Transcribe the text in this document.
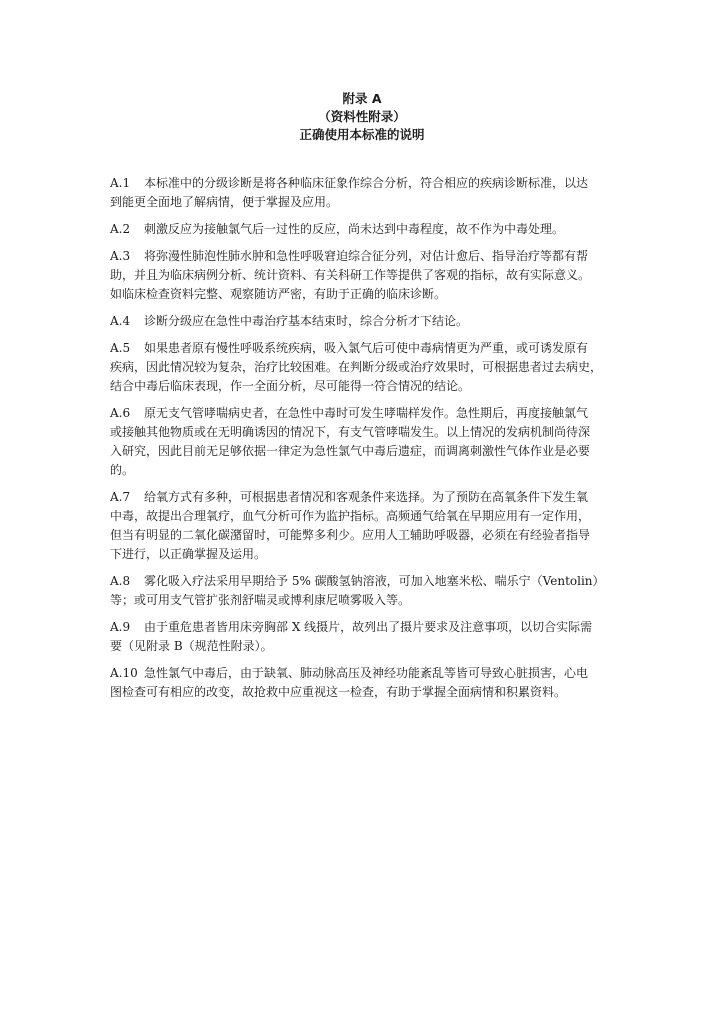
附录 A
（资料性附录）
正确使用本标准的说明
A.1 本标准中的分级诊断是将各种临床征象作综合分析，符合相应的疾病诊断标准，以达
到能更全面地了解病情，便于掌握及应用。
A.2 刺激反应为接触氯气后一过性的反应，尚未达到中毒程度，故不作为中毒处理。
A.3 将弥漫性肺泡性肺水肿和急性呼吸窘迫综合征分列，对估计愈后、指导治疗等都有帮
助，并且为临床病例分析、统计资料、有关科研工作等提供了客观的指标，故有实际意义。
如临床检查资料完整、观察随访严密，有助于正确的临床诊断。
A.4 诊断分级应在急性中毒治疗基本结束时，综合分析才下结论。
A.5 如果患者原有慢性呼吸系统疾病，吸入氯气后可使中毒病情更为严重，或可诱发原有
疾病，因此情况较为复杂，治疗比较困难。在判断分级或治疗效果时，可根据患者过去病史，
结合中毒后临床表现，作一全面分析，尽可能得一符合情况的结论。
A.6 原无支气管哮喘病史者，在急性中毒时可发生哮喘样发作。急性期后，再度接触氯气
或接触其他物质或在无明确诱因的情况下，有支气管哮喘发生。以上情况的发病机制尚待深
入研究，因此目前无足够依据一律定为急性氯气中毒后遗症，而调离刺激性气体作业是必要
的。
A.7 给氧方式有多种，可根据患者情况和客观条件来选择。为了预防在高氧条件下发生氧
中毒，故提出合理氧疗，血气分析可作为监护指标。高频通气给氧在早期应用有一定作用，
但当有明显的二氧化碳潴留时，可能弊多利少。应用人工辅助呼吸器，必须在有经验者指导
下进行，以正确掌握及运用。
A.8 雾化吸入疗法采用早期给予 5% 碳酸氢钠溶液，可加入地塞米松、喘乐宁（Ventolin）
等；或可用支气管扩张剂舒喘灵或博利康尼喷雾吸入等。
A.9 由于重危患者皆用床旁胸部 X 线摄片，故列出了摄片要求及注意事项，以切合实际需
要（见附录 B（规范性附录）。
A.10 急性氯气中毒后，由于缺氧、肺动脉高压及神经功能紊乱等皆可导致心脏损害，心电
图检查可有相应的改变，故抢救中应重视这一检查，有助于掌握全面病情和积累资料。
